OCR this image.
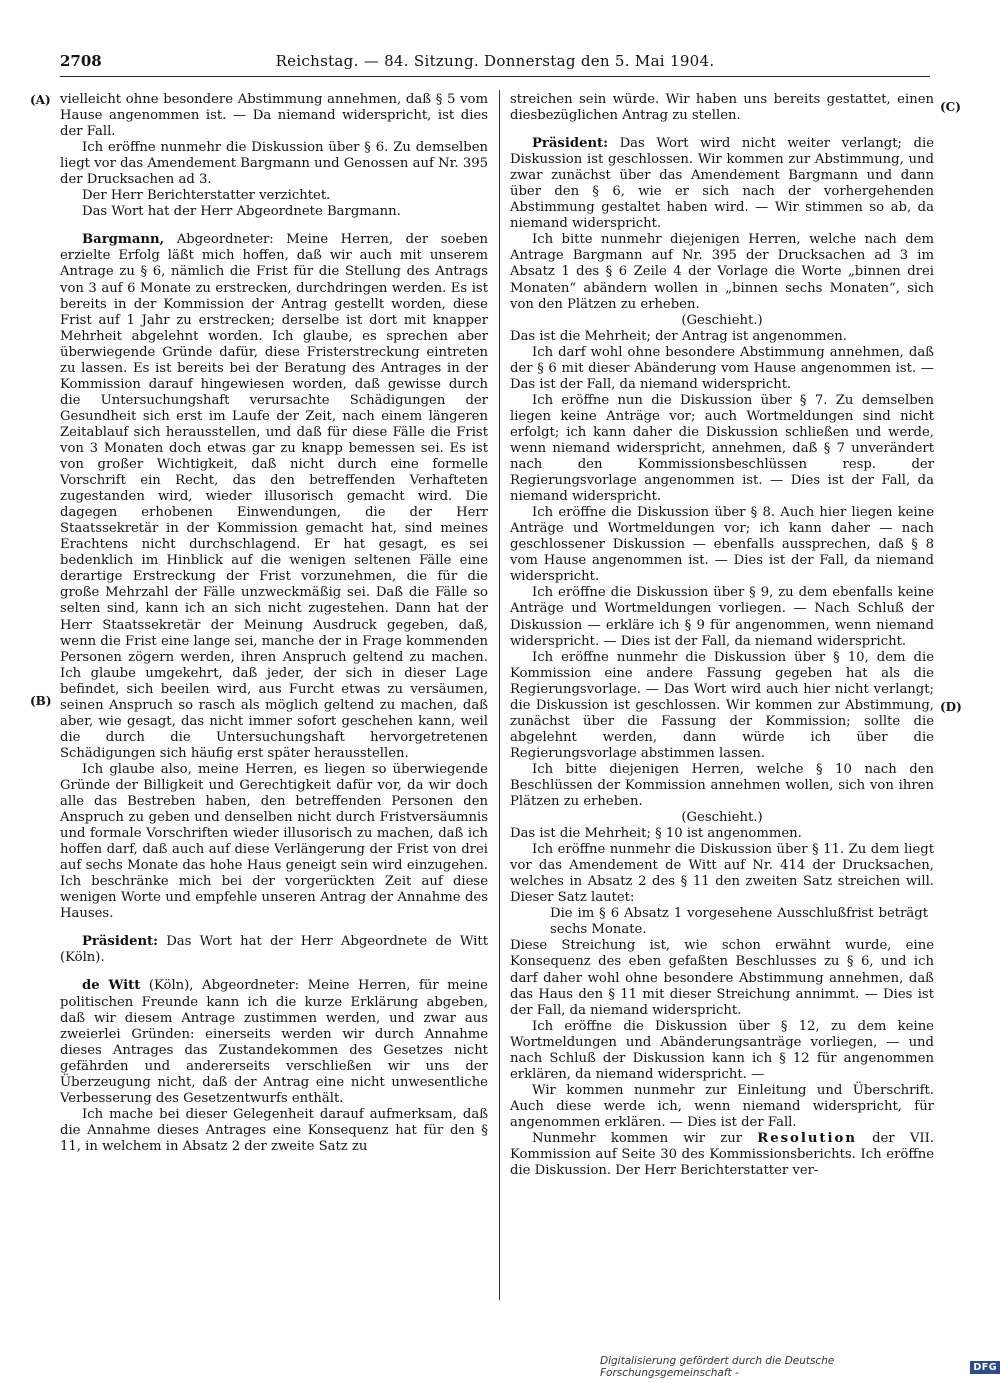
2708	Reichstag. — 84. Sitzung. Donnerstag den 5. Mai 1904.
(A)
(B)
(C)
(D)

vielleicht ohne besondere Abstimmung annehmen, daß § 5 vom Hause angenommen ist. — Da niemand widerspricht, ist dies der Fall.

Ich eröffne nunmehr die Diskussion über § 6. Zu demselben liegt vor das Amendement Bargmann und Genossen auf Nr. 395 der Drucksachen ad 3.

Der Herr Berichterstatter verzichtet.

Das Wort hat der Herr Abgeordnete Bargmann.

Bargmann, Abgeordneter: Meine Herren, der soeben erzielte Erfolg läßt mich hoffen, daß wir auch mit unserem Antrage zu § 6, nämlich die Frist für die Stellung des Antrags von 3 auf 6 Monate zu erstrecken, durchdringen werden. Es ist bereits in der Kommission der Antrag gestellt worden, diese Frist auf 1 Jahr zu erstrecken; derselbe ist dort mit knapper Mehrheit abgelehnt worden. Ich glaube, es sprechen aber überwiegende Gründe dafür, diese Fristerstreckung eintreten zu lassen. Es ist bereits bei der Beratung des Antrages in der Kommission darauf hingewiesen worden, daß gewisse durch die Untersuchungshaft verursachte Schädigungen der Gesundheit sich erst im Laufe der Zeit, nach einem längeren Zeitablauf sich herausstellen, und daß für diese Fälle die Frist von 3 Monaten doch etwas gar zu knapp bemessen sei. Es ist von großer Wichtigkeit, daß nicht durch eine formelle Vorschrift ein Recht, das den betreffenden Verhafteten zugestanden wird, wieder illusorisch gemacht wird. Die dagegen erhobenen Einwendungen, die der Herr Staatssekretär in der Kommission gemacht hat, sind meines Erachtens nicht durchschlagend. Er hat gesagt, es sei bedenklich im Hinblick auf die wenigen seltenen Fälle eine derartige Erstreckung der Frist vorzunehmen, die für die große Mehrzahl der Fälle unzweckmäßig sei. Daß die Fälle so selten sind, kann ich an sich nicht zugestehen. Dann hat der Herr Staatssekretär der Meinung Ausdruck gegeben, daß, wenn die Frist eine lange sei, manche der in Frage kommenden Personen zögern werden, ihren Anspruch geltend zu machen. Ich glaube umgekehrt, daß jeder, der sich in dieser Lage befindet, sich beeilen wird, aus Furcht etwas zu versäumen, seinen Anspruch so rasch als möglich geltend zu machen, daß aber, wie gesagt, das nicht immer sofort geschehen kann, weil die durch die Untersuchungshaft hervorgetretenen Schädigungen sich häufig erst später herausstellen.

Ich glaube also, meine Herren, es liegen so überwiegende Gründe der Billigkeit und Gerechtigkeit dafür vor, da wir doch alle das Bestreben haben, den betreffenden Personen den Anspruch zu geben und denselben nicht durch Fristversäumnis und formale Vorschriften wieder illusorisch zu machen, daß ich hoffen darf, daß auch auf diese Verlängerung der Frist von drei auf sechs Monate das hohe Haus geneigt sein wird einzugehen. Ich beschränke mich bei der vorgerückten Zeit auf diese wenigen Worte und empfehle unseren Antrag der Annahme des Hauses.

Präsident: Das Wort hat der Herr Abgeordnete de Witt (Köln).

de Witt (Köln), Abgeordneter: Meine Herren, für meine politischen Freunde kann ich die kurze Erklärung abgeben, daß wir diesem Antrage zustimmen werden, und zwar aus zweierlei Gründen: einerseits werden wir durch Annahme dieses Antrages das Zustandekommen des Gesetzes nicht gefährden und andererseits verschließen wir uns der Überzeugung nicht, daß der Antrag eine nicht unwesentliche Verbesserung des Gesetzentwurfs enthält.

Ich mache bei dieser Gelegenheit darauf aufmerksam, daß die Annahme dieses Antrages eine Konsequenz hat für den § 11, in welchem in Absatz 2 der zweite Satz zu

streichen sein würde. Wir haben uns bereits gestattet, einen diesbezüglichen Antrag zu stellen.

Präsident: Das Wort wird nicht weiter verlangt; die Diskussion ist geschlossen. Wir kommen zur Abstimmung, und zwar zunächst über das Amendement Bargmann und dann über den § 6, wie er sich nach der vorhergehenden Abstimmung gestaltet haben wird. — Wir stimmen so ab, da niemand widerspricht.

Ich bitte nunmehr diejenigen Herren, welche nach dem Antrage Bargmann auf Nr. 395 der Drucksachen ad 3 im Absatz 1 des § 6 Zeile 4 der Vorlage die Worte „binnen drei Monaten“ abändern wollen in „binnen sechs Monaten“, sich von den Plätzen zu erheben.

(Geschieht.)

Das ist die Mehrheit; der Antrag ist angenommen.

Ich darf wohl ohne besondere Abstimmung annehmen, daß der § 6 mit dieser Abänderung vom Hause angenommen ist. — Das ist der Fall, da niemand widerspricht.

Ich eröffne nun die Diskussion über § 7. Zu demselben liegen keine Anträge vor; auch Wortmeldungen sind nicht erfolgt; ich kann daher die Diskussion schließen und werde, wenn niemand widerspricht, annehmen, daß § 7 unverändert nach den Kommissionsbeschlüssen resp. der Regierungsvorlage angenommen ist. — Dies ist der Fall, da niemand widerspricht.

Ich eröffne die Diskussion über § 8. Auch hier liegen keine Anträge und Wortmeldungen vor; ich kann daher — nach geschlossener Diskussion — ebenfalls aussprechen, daß § 8 vom Hause angenommen ist. — Dies ist der Fall, da niemand widerspricht.

Ich eröffne die Diskussion über § 9, zu dem ebenfalls keine Anträge und Wortmeldungen vorliegen. — Nach Schluß der Diskussion — erkläre ich § 9 für angenommen, wenn niemand widerspricht. — Dies ist der Fall, da niemand widerspricht.

Ich eröffne nunmehr die Diskussion über § 10, dem die Kommission eine andere Fassung gegeben hat als die Regierungsvorlage. — Das Wort wird auch hier nicht verlangt; die Diskussion ist geschlossen. Wir kommen zur Abstimmung, zunächst über die Fassung der Kommission; sollte die abgelehnt werden, dann würde ich über die Regierungsvorlage abstimmen lassen.

Ich bitte diejenigen Herren, welche § 10 nach den Beschlüssen der Kommission annehmen wollen, sich von ihren Plätzen zu erheben.

(Geschieht.)

Das ist die Mehrheit; § 10 ist angenommen.

Ich eröffne nunmehr die Diskussion über § 11. Zu dem liegt vor das Amendement de Witt auf Nr. 414 der Drucksachen, welches in Absatz 2 des § 11 den zweiten Satz streichen will. Dieser Satz lautet:

Die im § 6 Absatz 1 vorgesehene Ausschlußfrist beträgt sechs Monate.

Diese Streichung ist, wie schon erwähnt wurde, eine Konsequenz des eben gefaßten Beschlusses zu § 6, und ich darf daher wohl ohne besondere Abstimmung annehmen, daß das Haus den § 11 mit dieser Streichung annimmt. — Dies ist der Fall, da niemand widerspricht.

Ich eröffne die Diskussion über § 12, zu dem keine Wortmeldungen und Abänderungsanträge vorliegen, — und nach Schluß der Diskussion kann ich § 12 für angenommen erklären, da niemand widerspricht. —

Wir kommen nunmehr zur Einleitung und Überschrift. Auch diese werde ich, wenn niemand widerspricht, für angenommen erklären. — Dies ist der Fall.

Nunmehr kommen wir zur Resolution der VII. Kommission auf Seite 30 des Kommissionsberichts. Ich eröffne die Diskussion. Der Herr Berichterstatter ver-

Digitalisierung gefördert durch die Deutsche Forschungsgemeinschaft -	DFG
